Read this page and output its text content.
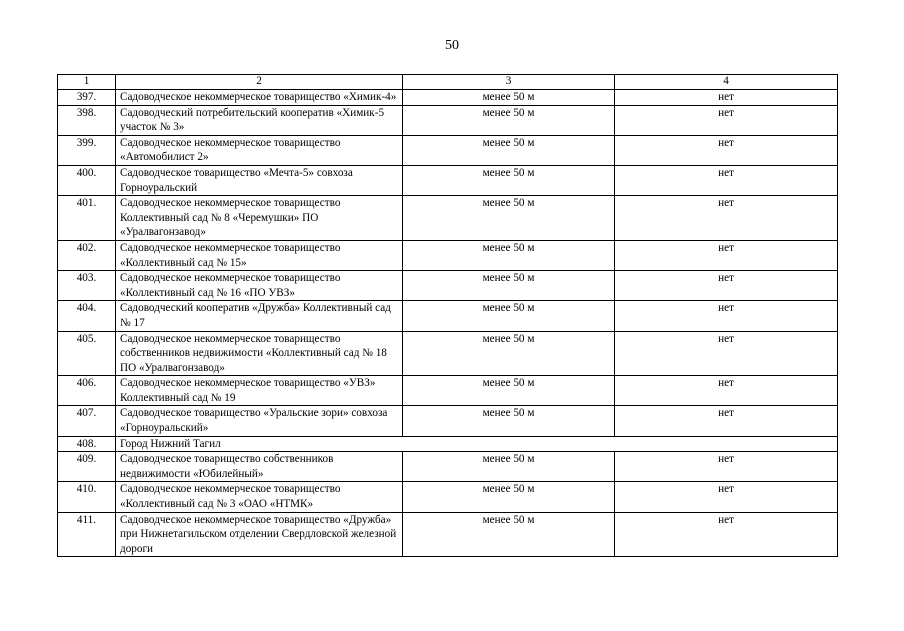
50
1	2	3	4
397.	Садоводческое некоммерческое товарищество «Химик-4»	менее 50 м	нет
398.	Садоводческий потребительский кооператив «Химик-5 участок № 3»	менее 50 м	нет
399.	Садоводческое некоммерческое товарищество «Автомобилист 2»	менее 50 м	нет
400.	Садоводческое товарищество «Мечта-5» совхоза Горноуральский	менее 50 м	нет
401.	Садоводческое некоммерческое товарищество Коллективный сад № 8 «Черемушки» ПО «Уралвагонзавод»	менее 50 м	нет
402.	Садоводческое некоммерческое товарищество «Коллективный сад № 15»	менее 50 м	нет
403.	Садоводческое некоммерческое товарищество «Коллективный сад № 16 «ПО УВЗ»	менее 50 м	нет
404.	Садоводческий кооператив «Дружба» Коллективный сад № 17	менее 50 м	нет
405.	Садоводческое некоммерческое товарищество собственников недвижимости «Коллективный сад № 18 ПО «Уралвагонзавод»	менее 50 м	нет
406.	Садоводческое некоммерческое товарищество «УВЗ» Коллективный сад № 19	менее 50 м	нет
407.	Садоводческое товарищество «Уральские зори» совхоза «Горноуральский»	менее 50 м	нет
408.	Город Нижний Тагил		
409.	Садоводческое товарищество собственников недвижимости «Юбилейный»	менее 50 м	нет
410.	Садоводческое некоммерческое товарищество «Коллективный сад № 3 «ОАО «НТМК»	менее 50 м	нет
411.	Садоводческое некоммерческое товарищество «Дружба» при Нижнетагильском отделении Свердловской железной дороги	менее 50 м	нет
